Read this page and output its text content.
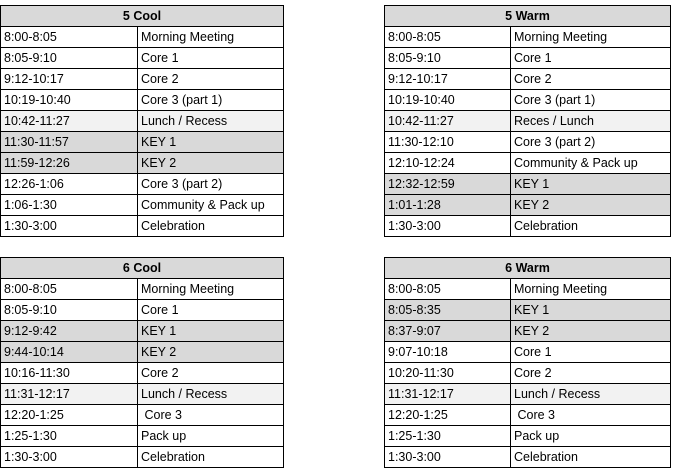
5 Cool	
8:00-8:05	Morning Meeting
8:05-9:10	Core 1
9:12-10:17	Core 2
10:19-10:40	Core 3 (part 1)
10:42-11:27	Lunch / Recess
11:30-11:57	KEY 1
11:59-12:26	KEY 2
12:26-1:06	Core 3 (part 2)
1:06-1:30	Community & Pack up
1:30-3:00	Celebration
5 Warm	
8:00-8:05	Morning Meeting
8:05-9:10	Core 1
9:12-10:17	Core 2
10:19-10:40	Core 3 (part 1)
10:42-11:27	Reces / Lunch
11:30-12:10	Core 3 (part 2)
12:10-12:24	Community & Pack up
12:32-12:59	KEY 1
1:01-1:28	KEY 2
1:30-3:00	Celebration
6 Cool	
8:00-8:05	Morning Meeting
8:05-9:10	Core 1
9:12-9:42	KEY 1
9:44-10:14	KEY 2
10:16-11:30	Core 2
11:31-12:17	Lunch / Recess
12:20-1:25	Core 3
1:25-1:30	Pack up
1:30-3:00	Celebration
6 Warm	
8:00-8:05	Morning Meeting
8:05-8:35	KEY 1
8:37-9:07	KEY 2
9:07-10:18	Core 1
10:20-11:30	Core 2
11:31-12:17	Lunch / Recess
12:20-1:25	Core 3
1:25-1:30	Pack up
1:30-3:00	Celebration
